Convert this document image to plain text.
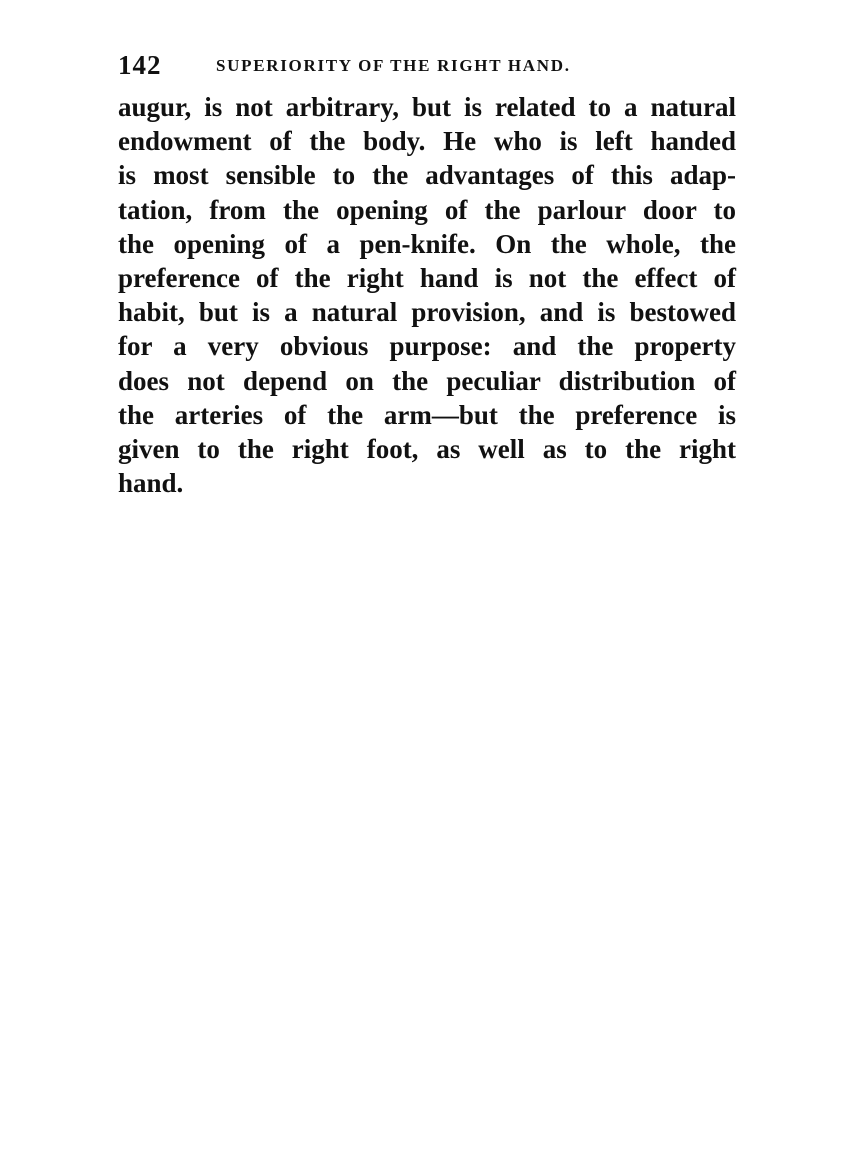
142	SUPERIORITY OF THE RIGHT HAND.
augur, is not arbitrary, but is related to a natural
endowment of the body. He who is left handed
is most sensible to the advantages of this adap-
tation, from the opening of the parlour door to
the opening of a pen-knife. On the whole, the
preference of the right hand is not the effect of
habit, but is a natural provision, and is bestowed
for a very obvious purpose: and the property
does not depend on the peculiar distribution of
the arteries of the arm—but the preference is
given to the right foot, as well as to the right
hand.
